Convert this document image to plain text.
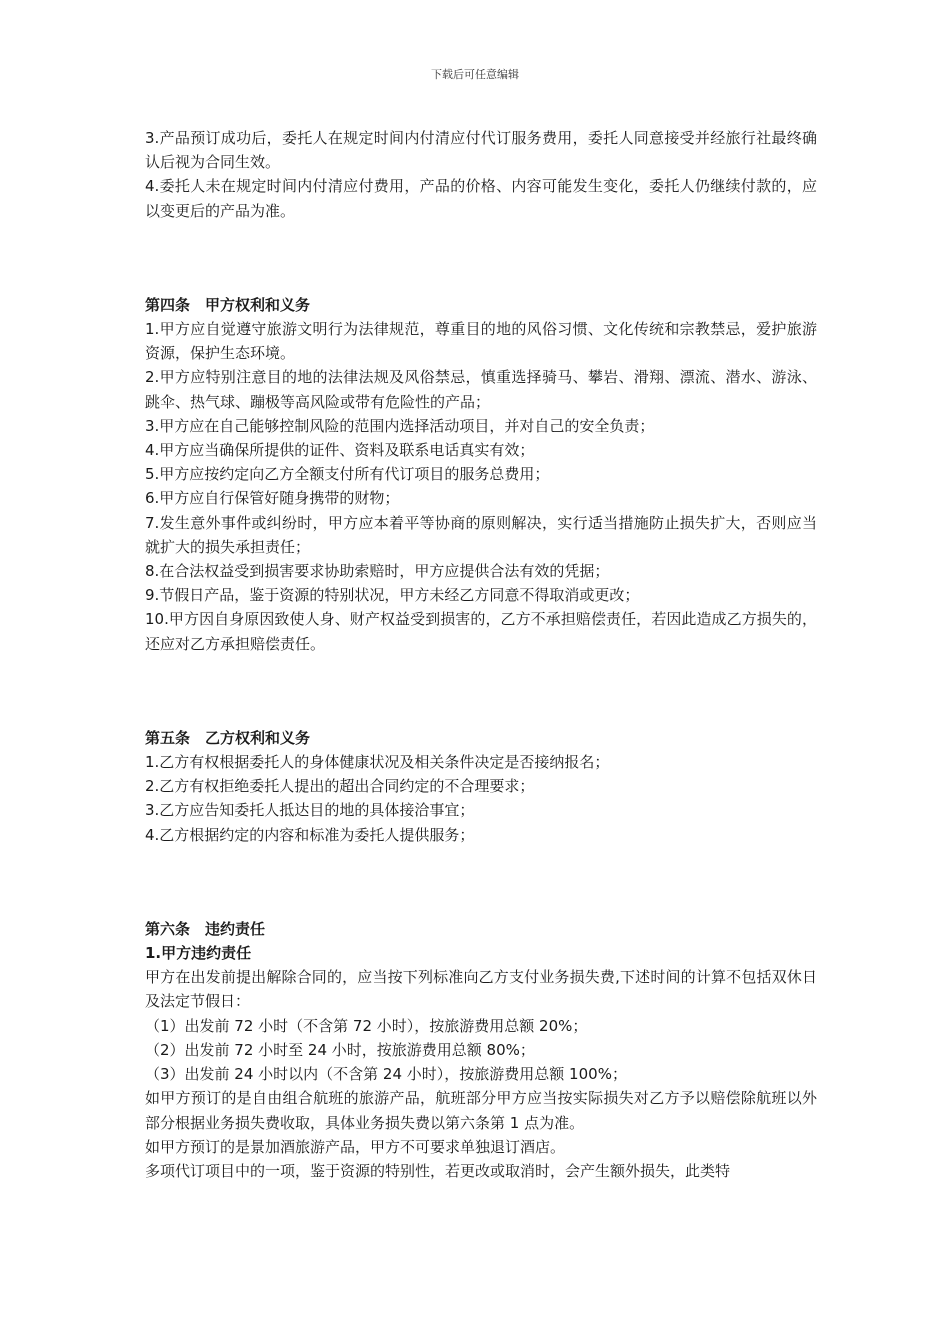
下载后可任意编辑

3.产品预订成功后，委托人在规定时间内付清应付代订服务费用，委托人同意接受并经旅行社最终确认后视为合同生效。

4.委托人未在规定时间内付清应付费用，产品的价格、内容可能发生变化，委托人仍继续付款的，应以变更后的产品为准。

第四条　甲方权利和义务

1.甲方应自觉遵守旅游文明行为法律规范，尊重目的地的风俗习惯、文化传统和宗教禁忌，爱护旅游资源，保护生态环境。

2.甲方应特别注意目的地的法律法规及风俗禁忌，慎重选择骑马、攀岩、滑翔、漂流、潜水、游泳、跳伞、热气球、蹦极等高风险或带有危险性的产品；

3.甲方应在自己能够控制风险的范围内选择活动项目，并对自己的安全负责；

4.甲方应当确保所提供的证件、资料及联系电话真实有效；

5.甲方应按约定向乙方全额支付所有代订项目的服务总费用；

6.甲方应自行保管好随身携带的财物；

7.发生意外事件或纠纷时，甲方应本着平等协商的原则解决，实行适当措施防止损失扩大，否则应当就扩大的损失承担责任；

8.在合法权益受到损害要求协助索赔时，甲方应提供合法有效的凭据；

9.节假日产品，鉴于资源的特别状况，甲方未经乙方同意不得取消或更改；

10.甲方因自身原因致使人身、财产权益受到损害的，乙方不承担赔偿责任，若因此造成乙方损失的，还应对乙方承担赔偿责任。

第五条　乙方权利和义务

1.乙方有权根据委托人的身体健康状况及相关条件决定是否接纳报名；

2.乙方有权拒绝委托人提出的超出合同约定的不合理要求；

3.乙方应告知委托人抵达目的地的具体接洽事宜；

4.乙方根据约定的内容和标准为委托人提供服务；

第六条　违约责任

1.甲方违约责任

甲方在出发前提出解除合同的，应当按下列标准向乙方支付业务损失费,下述时间的计算不包括双休日及法定节假日：

（1）出发前 72 小时（不含第 72 小时），按旅游费用总额 20%；

（2）出发前 72 小时至 24 小时，按旅游费用总额 80%；

（3）出发前 24 小时以内（不含第 24 小时），按旅游费用总额 100%；

如甲方预订的是自由组合航班的旅游产品，航班部分甲方应当按实际损失对乙方予以赔偿除航班以外部分根据业务损失费收取，具体业务损失费以第六条第 1 点为准。

如甲方预订的是景加酒旅游产品，甲方不可要求单独退订酒店。

多项代订项目中的一项，鉴于资源的特别性，若更改或取消时，会产生额外损失，此类特
